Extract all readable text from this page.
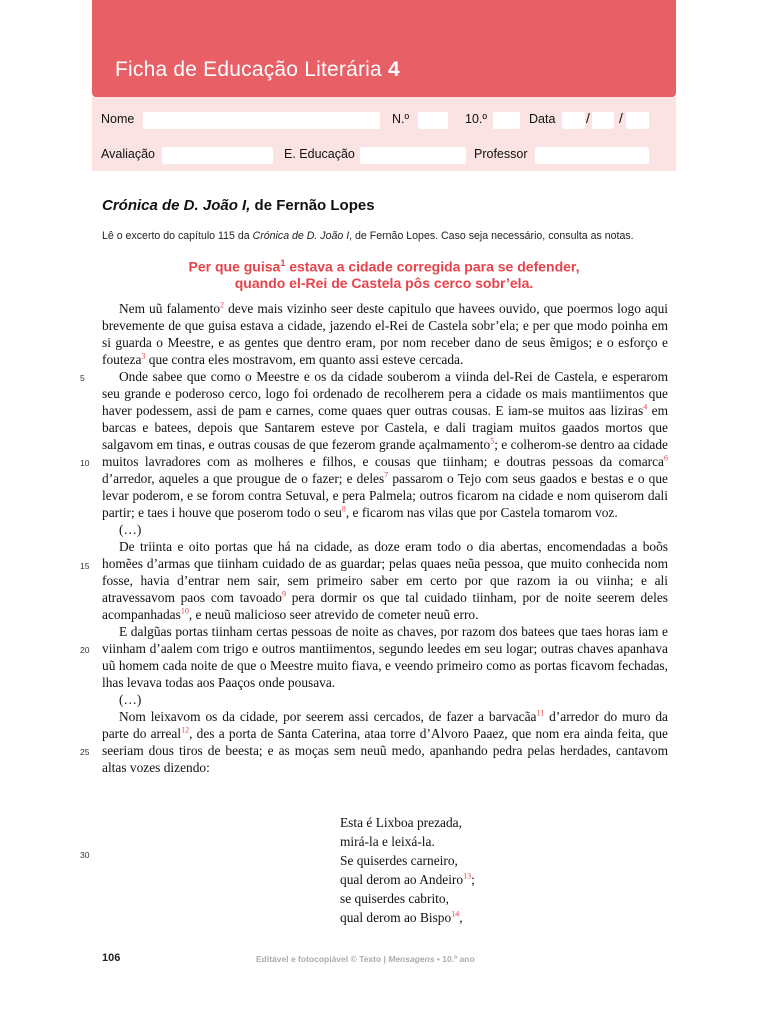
Ficha de Educação Literária 4
Nome	N.º	10.º	Data / /
Avaliação	E. Educação	Professor
Crónica de D. João I, de Fernão Lopes
Lê o excerto do capítulo 115 da Crónica de D. João I, de Fernão Lopes. Caso seja necessário, consulta as notas.
Per que guisa$^1$ estava a cidade corregida para se defender,
quando el-Rei de Castela pôs cerco sobr’ela.
5
10
15
20
25
30

Nem uũ falamento$^2$ deve mais vizinho seer deste capitulo que havees ouvido, que poermos logo aqui brevemente de que guisa estava a cidade, jazendo el-Rei de Castela sobr’ela; e per que modo poinha em si guarda o Meestre, e as gentes que dentro eram, por nom receber dano de seus ẽmigos; e o esforço e fouteza$^3$ que contra eles mostravom, em quanto assi esteve cercada.

Onde sabee que como o Meestre e os da cidade souberom a viinda del-Rei de Castela, e esperarom seu grande e poderoso cerco, logo foi ordenado de recolherem pera a cidade os mais mantiimentos que haver podessem, assi de pam e carnes, come quaes quer outras cousas. E iam-se muitos aas liziras$^4$ em barcas e batees, depois que Santarem esteve por Castela, e dali tragiam muitos gaados mortos que salgavom em tinas, e outras cousas de que fezerom grande açalmamento$^5$; e colherom-se dentro aa cidade muitos lavradores com as molheres e filhos, e cousas que tiinham; e doutras pessoas da comarca$^6$ d’arredor, aqueles a que prougue de o fazer; e deles$^7$ passarom o Tejo com seus gaados e bestas e o que levar poderom, e se forom contra Setuval, e pera Palmela; outros ficarom na cidade e nom quiserom dali partir; e taes i houve que poserom todo o seu$^8$, e ficarom nas vilas que por Castela tomarom voz.

(…)

De triinta e oito portas que há na cidade, as doze eram todo o dia abertas, encomendadas a boõs homẽes d’armas que tiinham cuidado de as guardar; pelas quaes neũa pessoa, que muito conhecida nom fosse, havia d’entrar nem sair, sem primeiro saber em certo por que razom ia ou viinha; e ali atravessavom paos com tavoado$^9$ pera dormir os que tal cuidado tiinham, por de noite seerem deles acompanhadas$^{10}$, e neuũ malicioso seer atrevido de cometer neuũ erro.

E dalgũas portas tiinham certas pessoas de noite as chaves, por razom dos batees que taes horas iam e viinham d’aalem com trigo e outros mantiimentos, segundo leedes em seu logar; outras chaves apanhava uũ homem cada noite de que o Meestre muito fiava, e veendo primeiro como as portas ficavom fechadas, lhas levava todas aos Paaços onde pousava.

(…)

Nom leixavom os da cidade, por seerem assi cercados, de fazer a barvacãa$^{11}$ d’arredor do muro da parte do arreal$^{12}$, des a porta de Santa Caterina, ataa torre d’Alvoro Paaez, que nom era ainda feita, que seeriam dous tiros de beesta; e as moças sem neuũ medo, apanhando pedra pelas herdades, cantavom altas vozes dizendo:

Esta é Lixboa prezada,
mirá-la e leixá-la.
Se quiserdes carneiro,
qual derom ao Andeiro$^{13}$;
se quiserdes cabrito,
qual derom ao Bispo$^{14}$,
106	Editável e fotocopiável © Texto | Mensagens • 10.º ano
